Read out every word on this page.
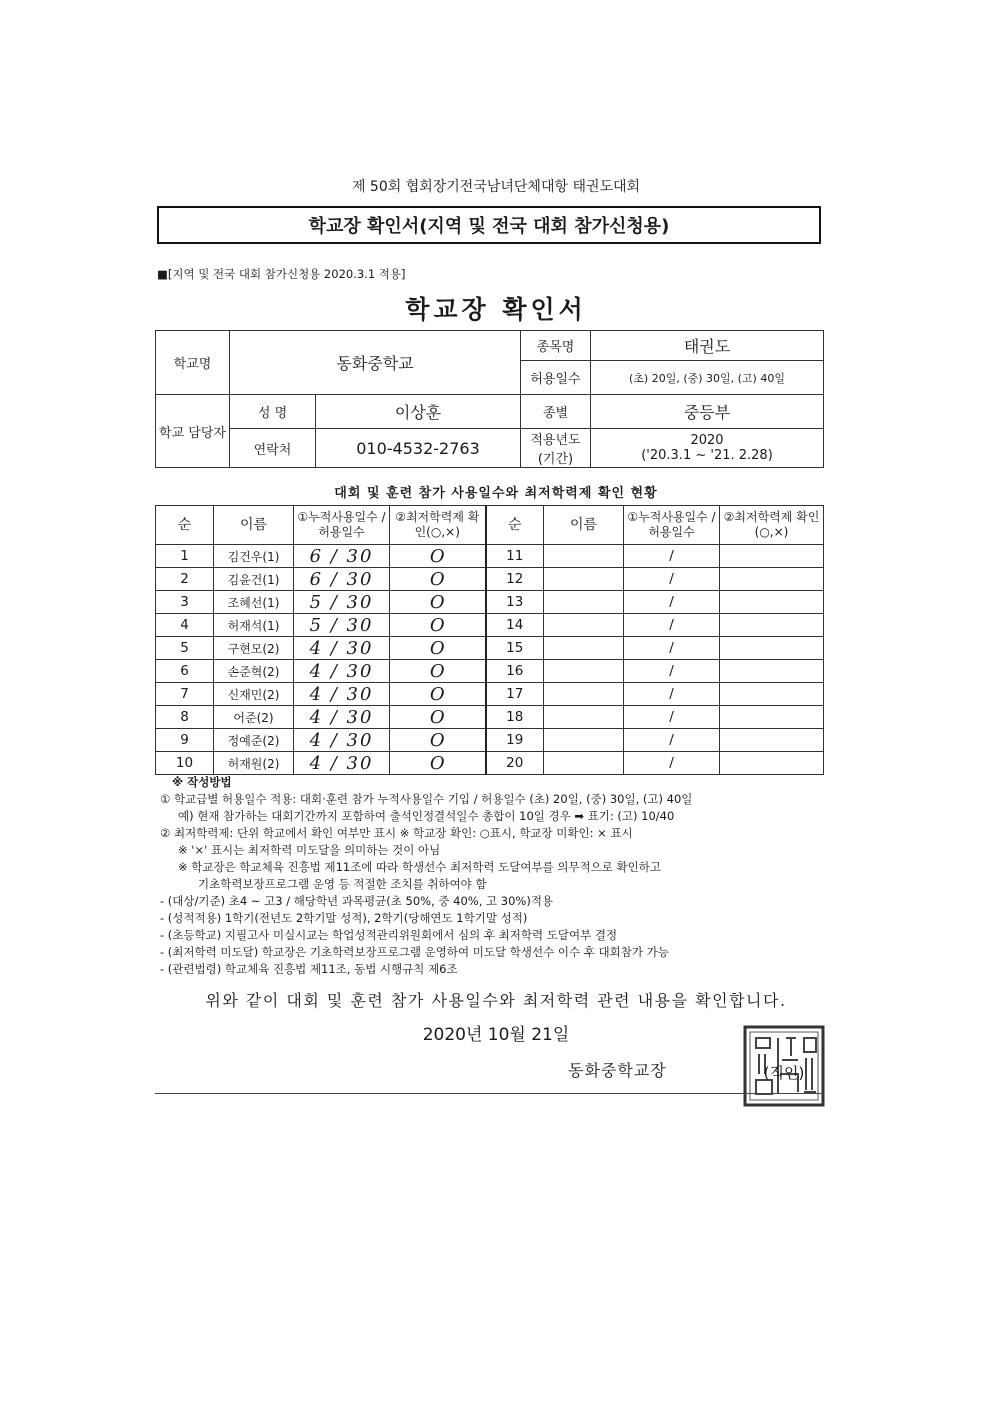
제 50회 협회장기전국남녀단체대항 태권도대회
학교장 확인서(지역 및 전국 대회 참가신청용)
■[지역 및 전국 대회 참가신청용 2020.3.1 적용]
학교장 확인서
학교명	동화중학교		종목명	태권도
			허용일수	(초) 20일, (중) 30일, (고) 40일
학교 담당자	성 명	이상훈	종별	중등부
	연락처	010-4532-2763	적용년도 (기간)	2020
('20.3.1 ~ '21. 2.28)
대회 및 훈련 참가 사용일수와 최저학력제 확인 현황
순	이름	①누적사용일수 /허용일수	②최저학력제 확인(○,×)	순	이름	①누적사용일수 /허용일수	②최저학력제 확인(○,×)
1	김건우(1)	6 / 30	O	11		/	
2	김윤건(1)	6 / 30	O	12		/	
3	조혜선(1)	5 / 30	O	13		/	
4	허재석(1)	5 / 30	O	14		/	
5	구현모(2)	4 / 30	O	15		/	
6	손준혁(2)	4 / 30	O	16		/	
7	신재민(2)	4 / 30	O	17		/	
8	어준(2)	4 / 30	O	18		/	
9	정예준(2)	4 / 30	O	19		/	
10	허재원(2)	4 / 30	O	20		/	
※ 작성방법
① 학교급별 허용일수 적용: 대회·훈련 참가 누적사용일수 기입 / 허용일수 (초) 20일, (중) 30일, (고) 40일
예) 현재 참가하는 대회기간까지 포함하여 출석인정결석일수 총합이 10일 경우 ➡ 표기: (고) 10/40
② 최저학력제: 단위 학교에서 확인 여부만 표시 ※ 학교장 확인: ○표시, 학교장 미확인: × 표시
※ '×' 표시는 최저학력 미도달을 의미하는 것이 아님
※ 학교장은 학교체육 진흥법 제11조에 따라 학생선수 최저학력 도달여부를 의무적으로 확인하고
기초학력보장프로그램 운영 등 적절한 조치를 취하여야 함
- (대상/기준) 초4 ~ 고3 / 해당학년 과목평균(초 50%, 중 40%, 고 30%)적용
- (성적적용) 1학기(전년도 2학기말 성적), 2학기(당해연도 1학기말 성적)
- (초등학교) 지필고사 미실시교는 학업성적관리위원회에서 심의 후 최저학력 도달여부 결정
- (최저학력 미도달) 학교장은 기초학력보장프로그램 운영하여 미도달 학생선수 이수 후 대회참가 가능
- (관련법령) 학교체육 진흥법 제11조, 동법 시행규칙 제6조
위와 같이 대회 및 훈련 참가 사용일수와 최저학력 관련 내용을 확인합니다.
2020년 10월 21일
동화중학교장	(직인)
